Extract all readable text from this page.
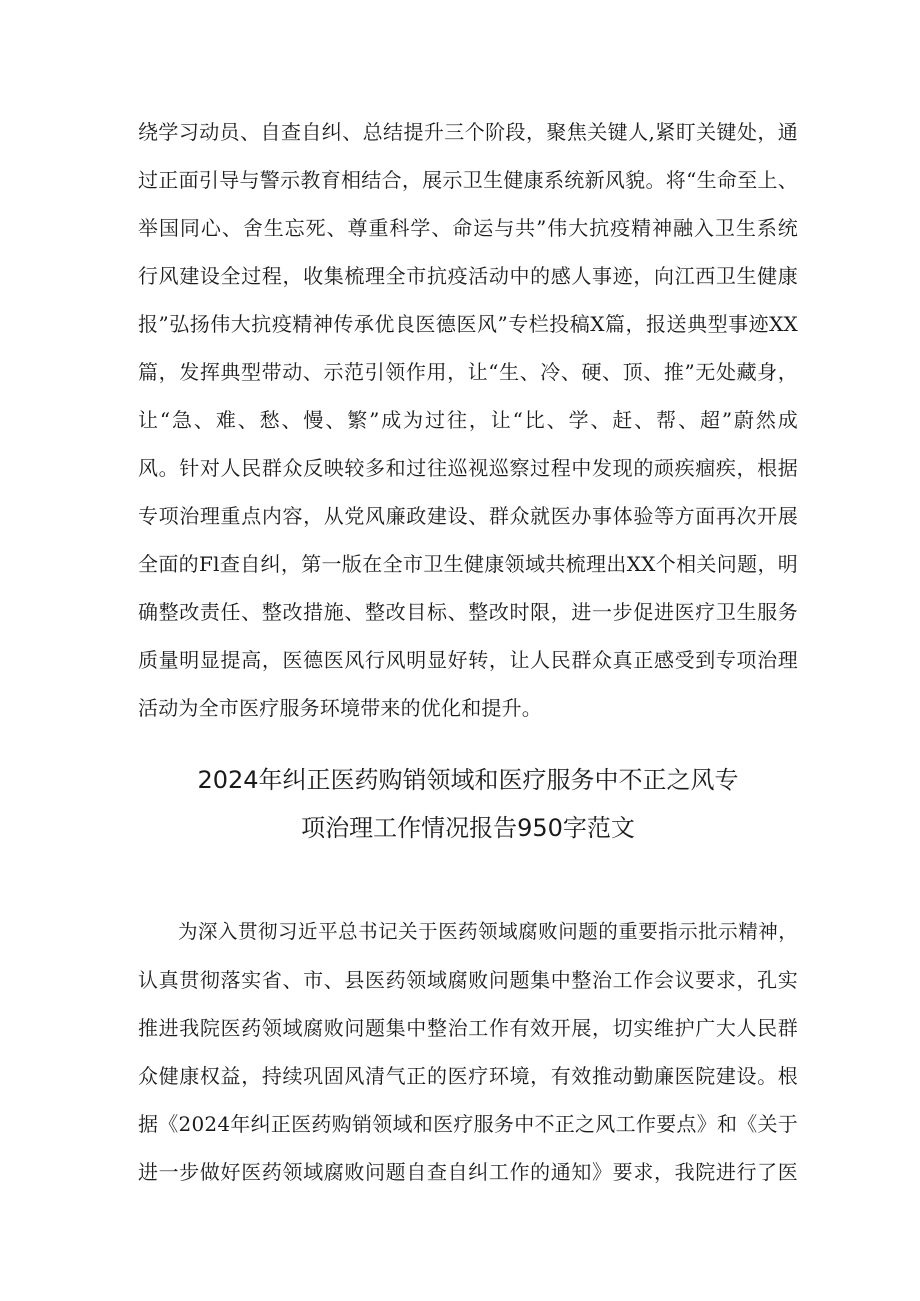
绕学习动员、自查自纠、总结提升三个阶段，聚焦关键人,紧盯关键处，通
过正面引导与警示教育相结合，展示卫生健康系统新风貌。将“生命至上、
举国同心、舍生忘死、尊重科学、命运与共”伟大抗疫精神融入卫生系统
行风建设全过程，收集梳理全市抗疫活动中的感人事迹，向江西卫生健康
报”弘扬伟大抗疫精神传承优良医德医风”专栏投稿X篇，报送典型事迹XX
篇，发挥典型带动、示范引领作用，让“生、冷、硬、顶、推”无处藏身，
让“急、难、愁、慢、繁”成为过往，让“比、学、赶、帮、超”蔚然成
风。针对人民群众反映较多和过往巡视巡察过程中发现的顽疾痼疾，根据
专项治理重点内容，从党风廉政建设、群众就医办事体验等方面再次开展
全面的Fl查自纠，第一版在全市卫生健康领域共梳理出XX个相关问题，明
确整改责任、整改措施、整改目标、整改时限，进一步促进医疗卫生服务
质量明显提高，医德医风行风明显好转，让人民群众真正感受到专项治理
活动为全市医疗服务环境带来的优化和提升。
2024年纠正医药购销领域和医疗服务中不正之风专
项治理工作情况报告950字范文
为深入贯彻习近平总书记关于医药领域腐败问题的重要指示批示精神，
认真贯彻落实省、市、县医药领域腐败问题集中整治工作会议要求，孔实
推进我院医药领域腐败问题集中整治工作有效开展，切实维护广大人民群
众健康权益，持续巩固风清气正的医疗环境，有效推动勤廉医院建设。根
据《2024年纠正医药购销领域和医疗服务中不正之风工作要点》和《关于
进一步做好医药领域腐败问题自查自纠工作的通知》要求，我院进行了医
